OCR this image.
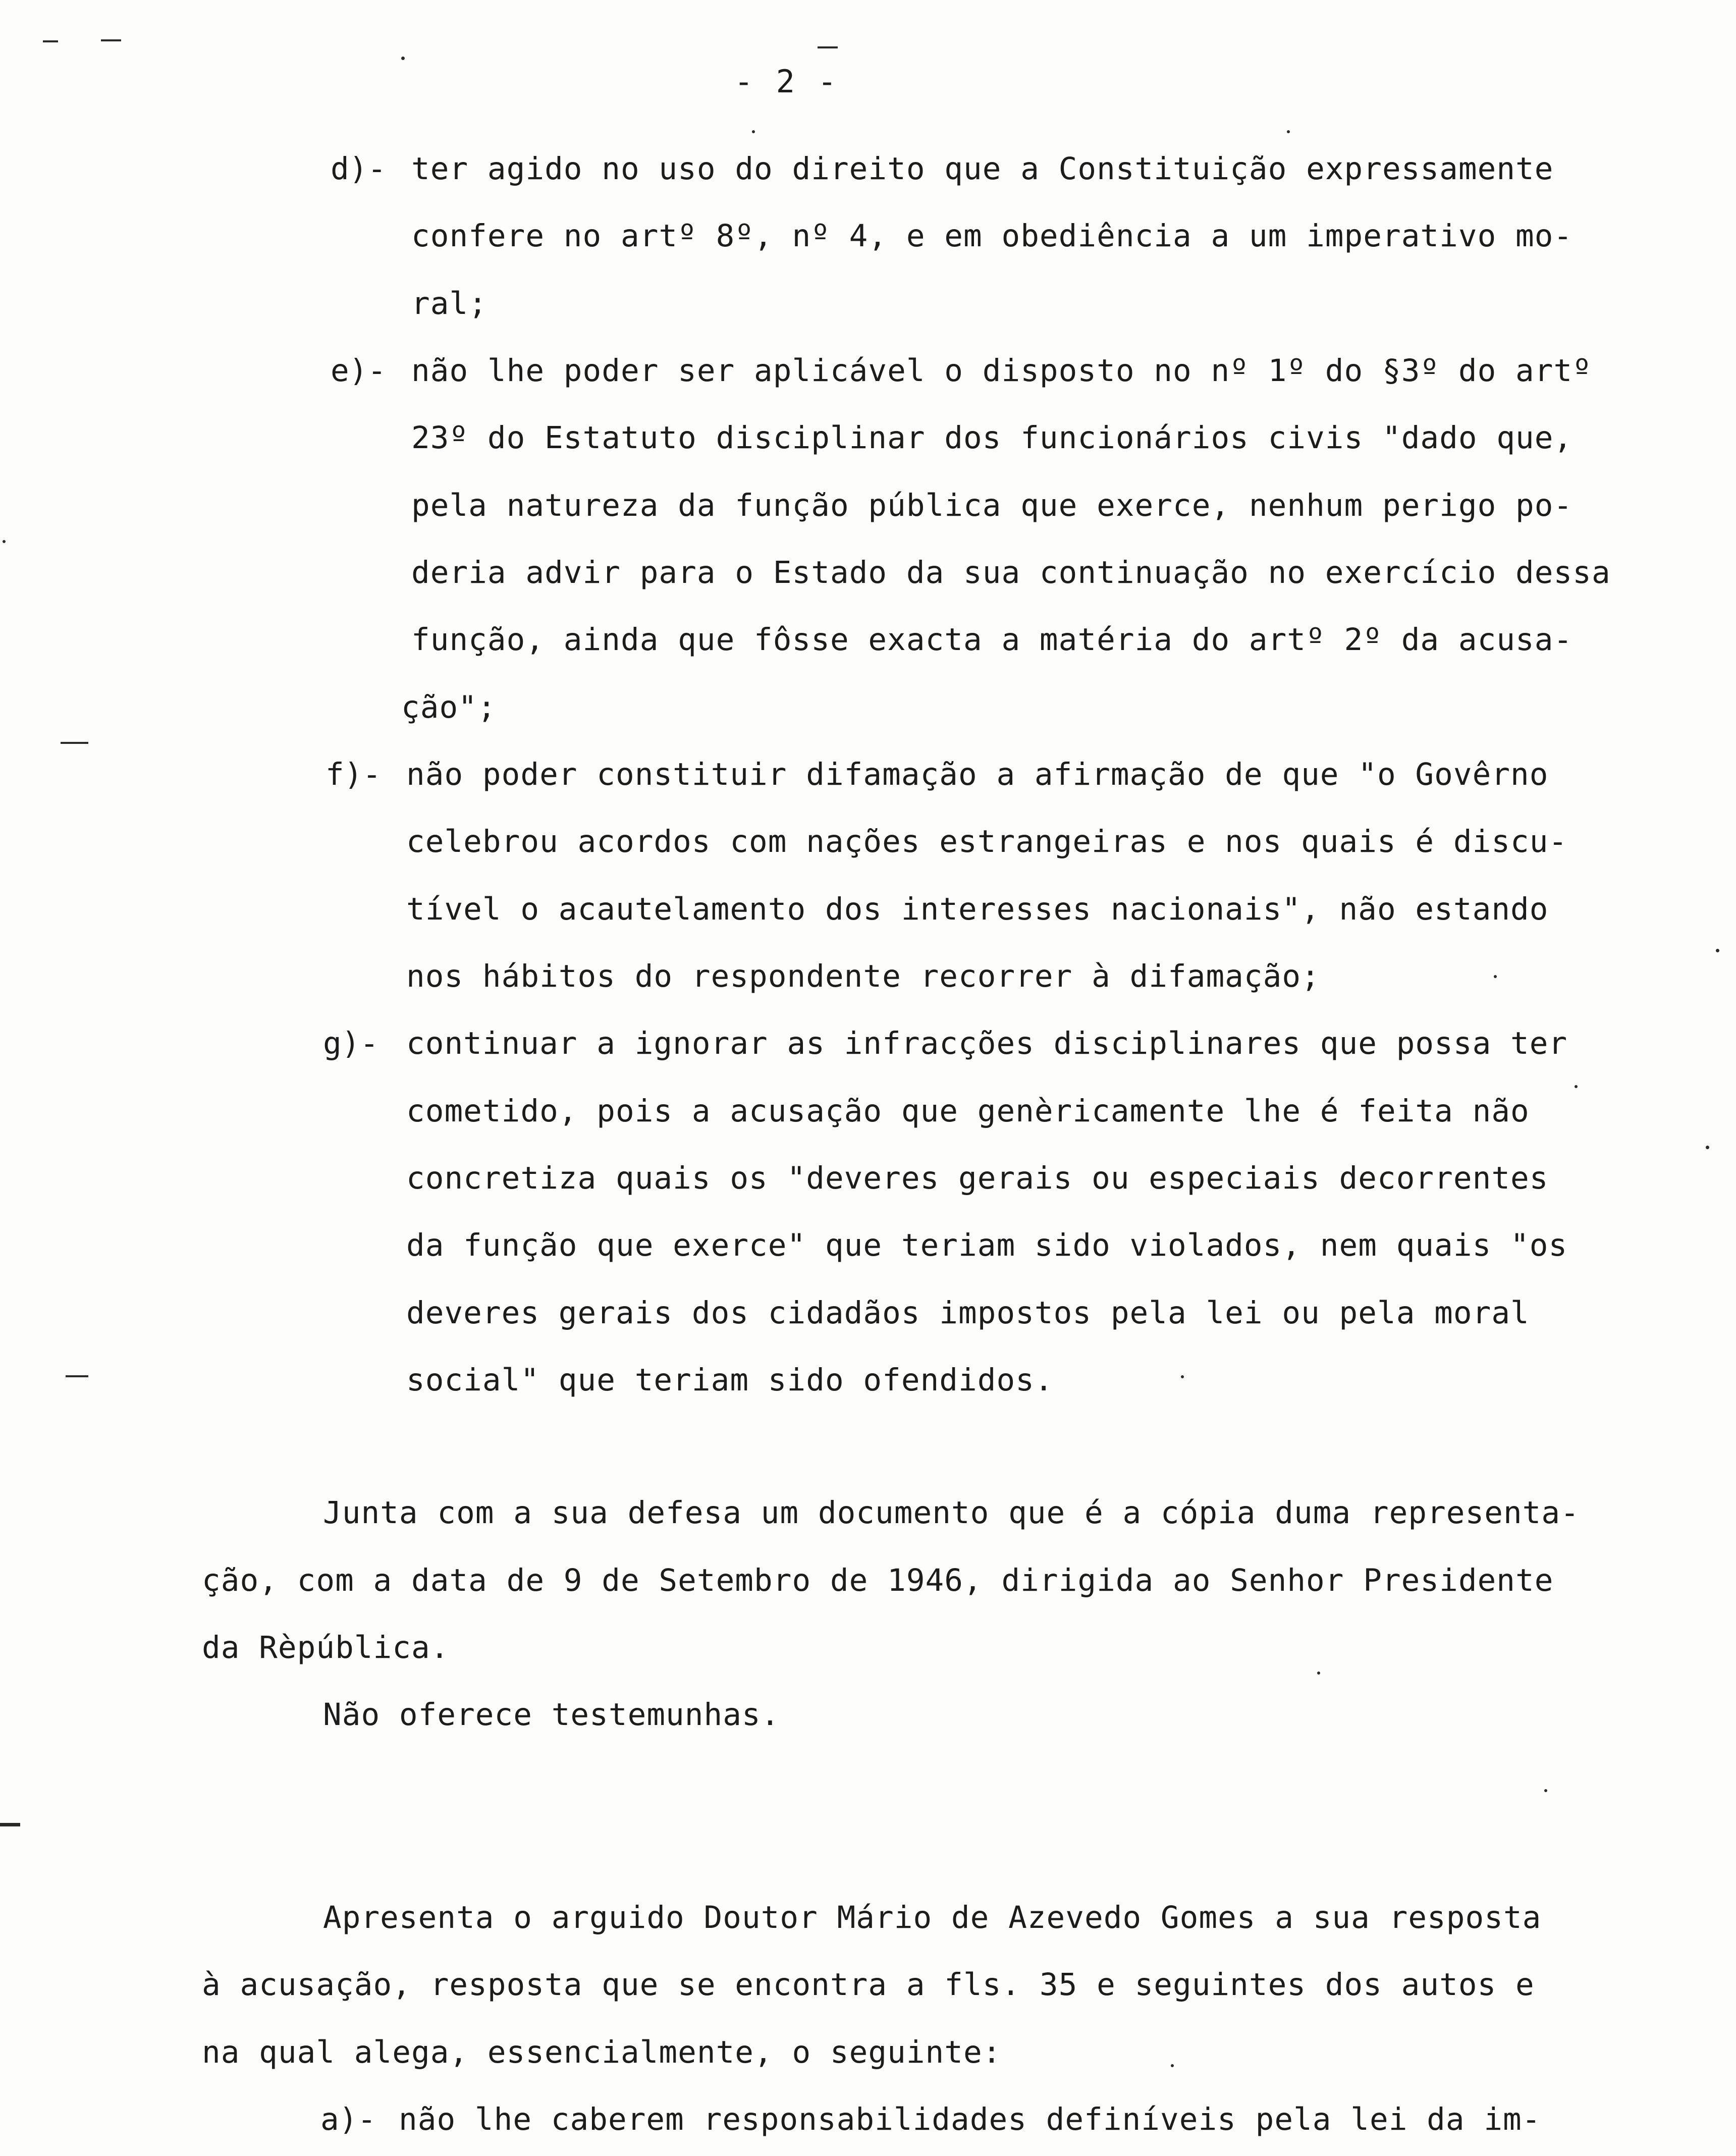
- 2 -
d)- ter agido no uso do direito que a Constituição expressamente
confere no artº 8º, nº 4, e em obediência a um imperativo mo-
ral;
e)- não lhe poder ser aplicável o disposto no nº 1º do §3º do artº
23º do Estatuto disciplinar dos funcionários civis "dado que,
pela natureza da função pública que exerce, nenhum perigo po-
deria advir para o Estado da sua continuação no exercício dessa
função, ainda que fôsse exacta a matéria do artº 2º da acusa-
ção";
f)- não poder constituir difamação a afirmação de que "o Govêrno
celebrou acordos com nações estrangeiras e nos quais é discu-
tível o acautelamento dos interesses nacionais", não estando
nos hábitos do respondente recorrer à difamação;
g)- continuar a ignorar as infracções disciplinares que possa ter
cometido, pois a acusação que genèricamente lhe é feita não
concretiza quais os "deveres gerais ou especiais decorrentes
da função que exerce" que teriam sido violados, nem quais "os
deveres gerais dos cidadãos impostos pela lei ou pela moral
social" que teriam sido ofendidos.
Junta com a sua defesa um documento que é a cópia duma representa-
ção, com a data de 9 de Setembro de 1946, dirigida ao Senhor Presidente
da Rèpública.
Não oferece testemunhas.
Apresenta o arguido Doutor Mário de Azevedo Gomes a sua resposta
à acusação, resposta que se encontra a fls. 35 e seguintes dos autos e
na qual alega, essencialmente, o seguinte:
a)- não lhe caberem responsabilidades definíveis pela lei da im-
